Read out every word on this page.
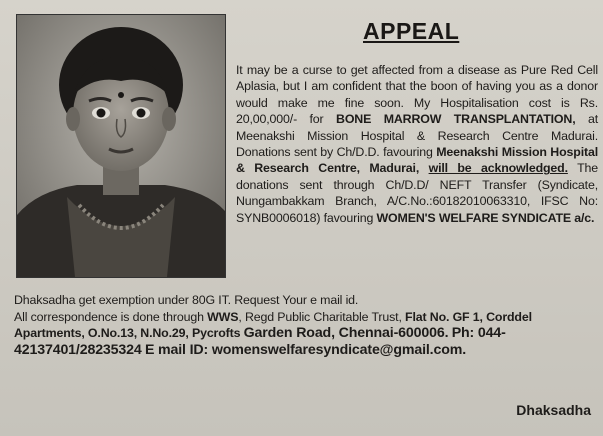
APPEAL
It may be a curse to get affected from a disease as Pure Red Cell Aplasia, but I am confident that the boon of having you as a donor would make me fine soon. My Hospitalisation cost is Rs. 20,00,000/- for BONE MARROW TRANSPLANTATION, at Meenakshi Mission Hospital & Research Centre Madurai. Donations sent by Ch/D.D. favouring Meenakshi Mission Hospital & Research Centre, Madurai, will be acknowledged. The donations sent through Ch/D.D/ NEFT Transfer (Syndicate, Nungambakkam Branch, A/C.No.:60182010063310, IFSC No: SYNB0006018) favouring WOMEN'S WELFARE SYNDICATE a/c.
Dhaksadha get exemption under 80G IT. Request Your e mail id.
All correspondence is done through WWS, Regd Public Charitable Trust, Flat No. GF 1, Corddel Apartments, O.No.13, N.No.29, Pycrofts Garden Road, Chennai-600006. Ph: 044-42137401/28235324 E mail ID: womenswelfaresyndicate@gmail.com.
Dhaksadha
